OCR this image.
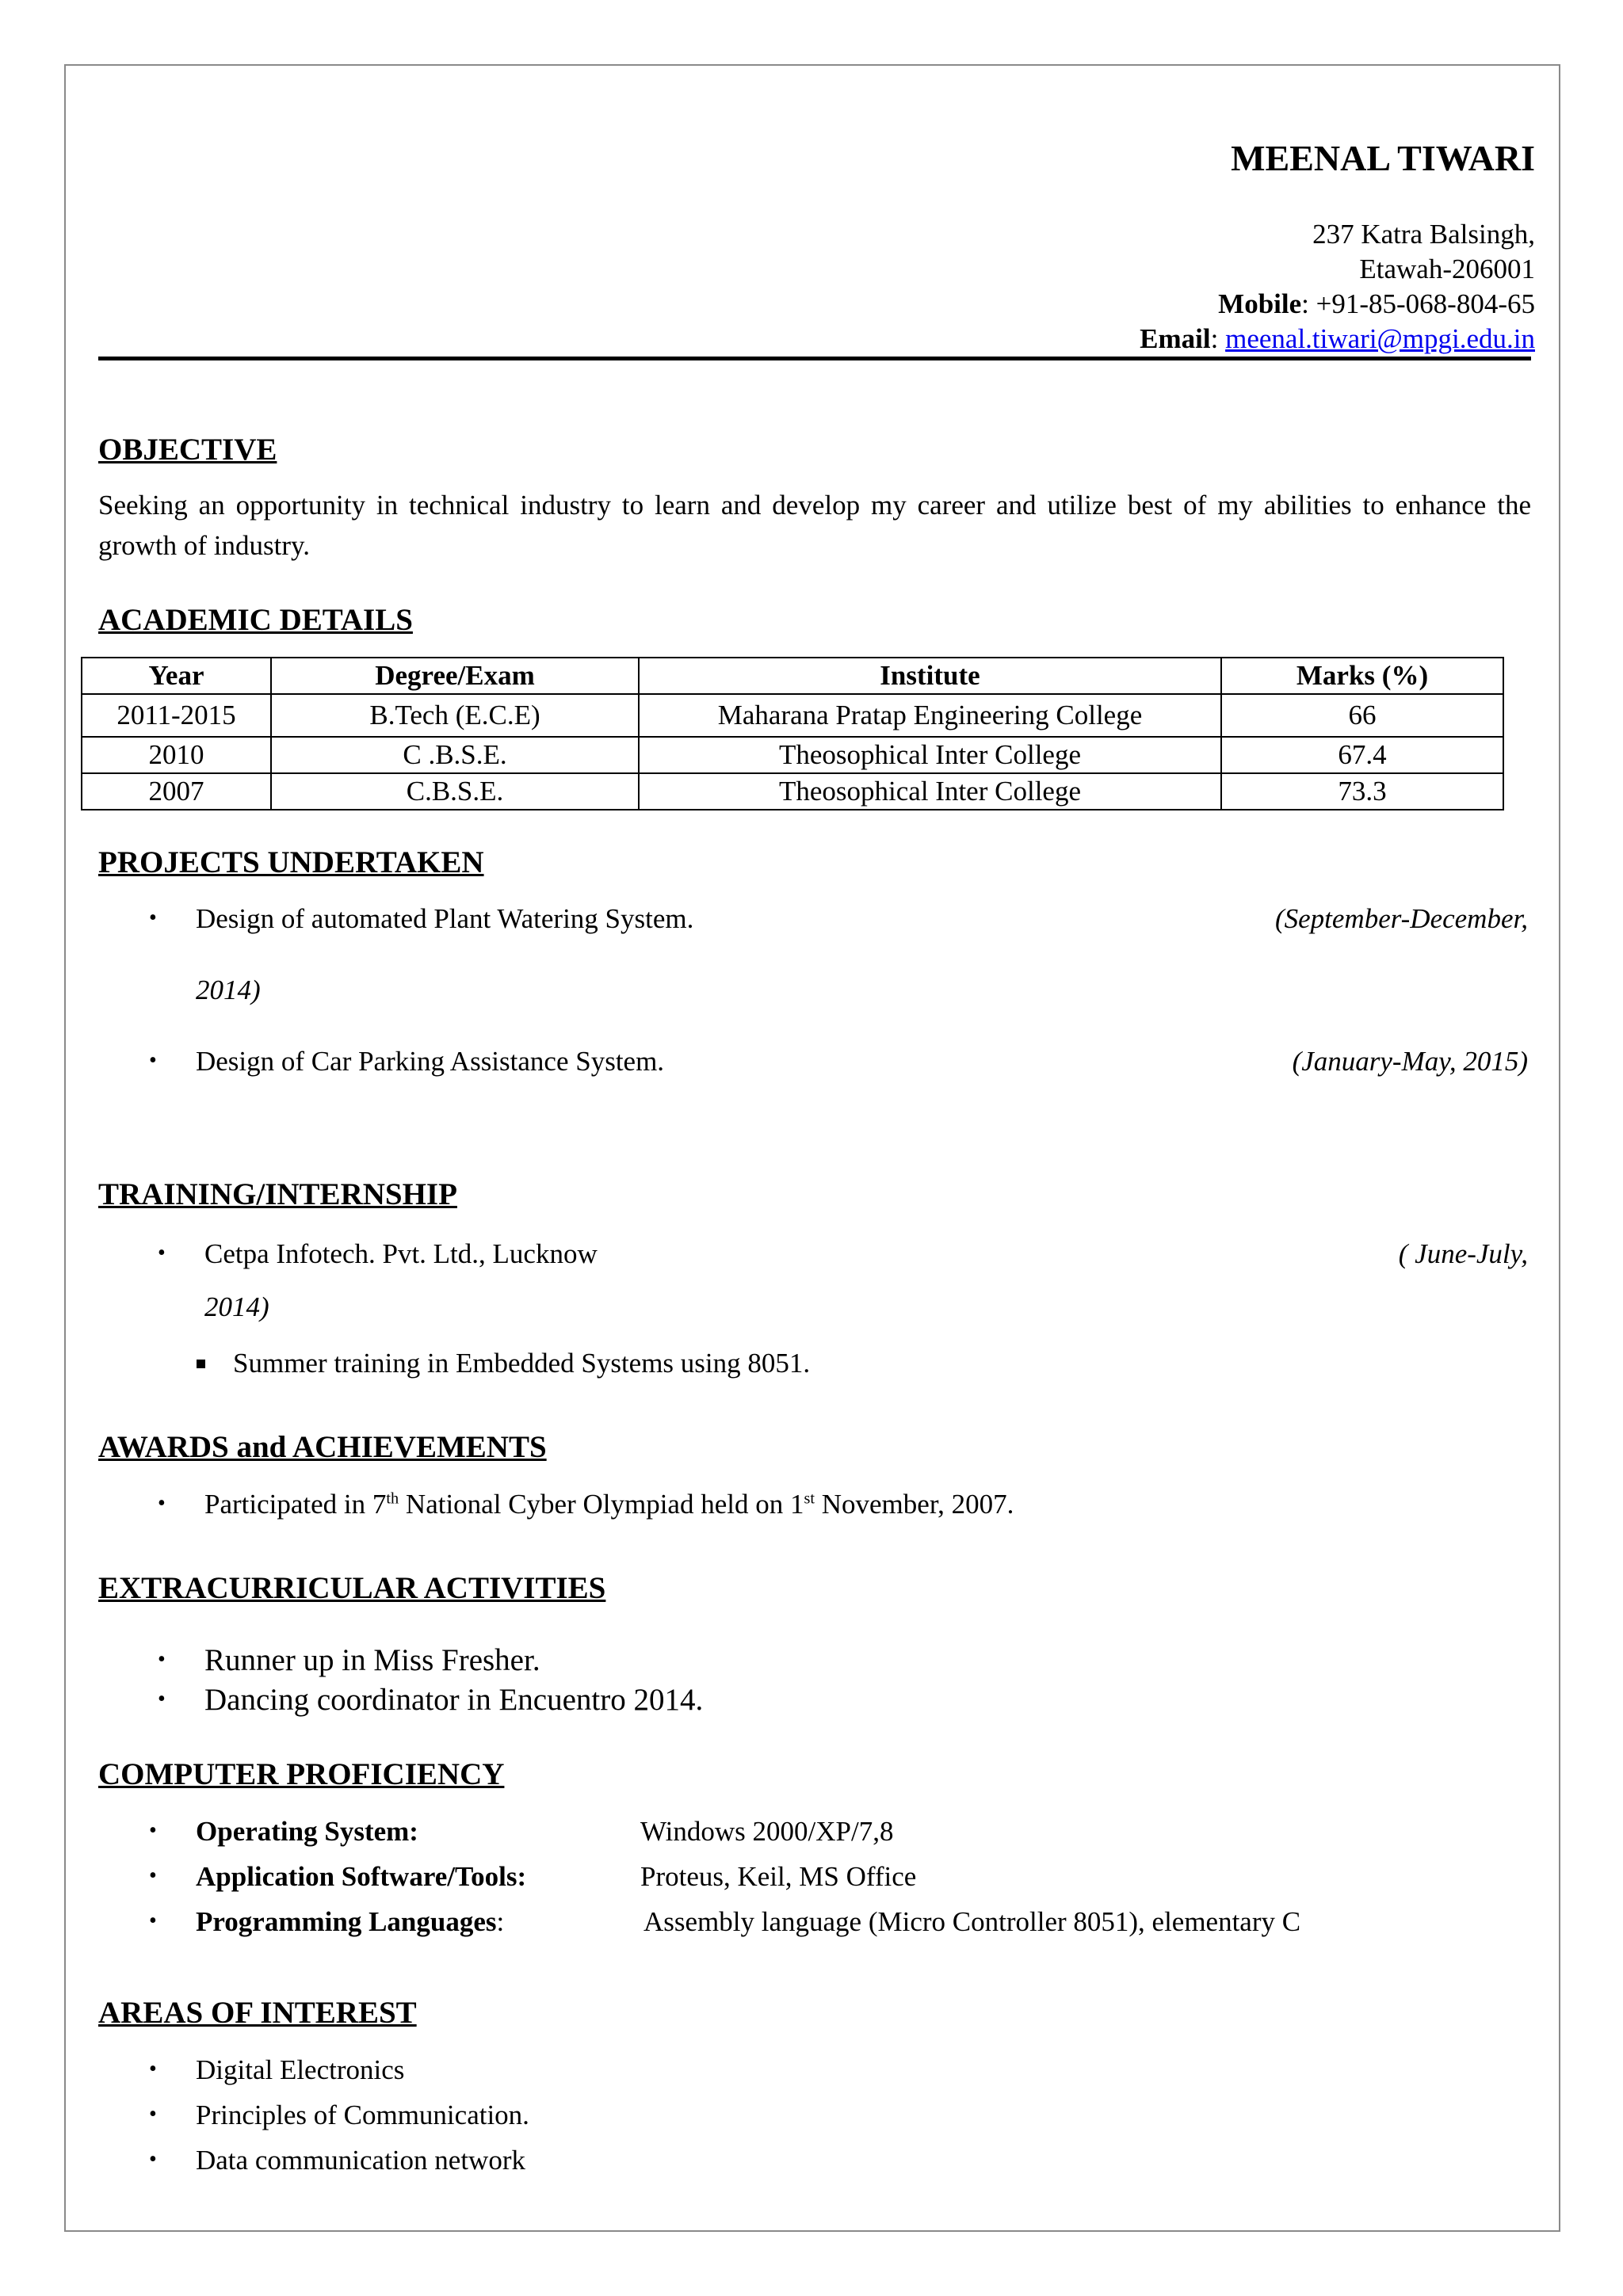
MEENAL TIWARI
237 Katra Balsingh,
Etawah-206001
Mobile: +91-85-068-804-65
Email: meenal.tiwari@mpgi.edu.in
OBJECTIVE
Seeking an opportunity in technical industry to learn and develop my career and utilize best of my abilities to enhance the growth of industry.
ACADEMIC DETAILS
Year	Degree/Exam	Institute	Marks (%)
2011-2015	B.Tech (E.C.E)	Maharana Pratap Engineering College	66
2010	C .B.S.E.	Theosophical Inter College	67.4
2007	C.B.S.E.	Theosophical Inter College	73.3
PROJECTS UNDERTAKEN
• Design of automated Plant Watering System.	(September-December,
2014)
• Design of Car Parking Assistance System.	(January-May, 2015)
TRAINING/INTERNSHIP
• Cetpa Infotech. Pvt. Ltd., Lucknow	( June-July,
2014)
Summer training in Embedded Systems using 8051.
AWARDS and ACHIEVEMENTS
• Participated in 7th National Cyber Olympiad held on 1st November, 2007.
EXTRACURRICULAR ACTIVITIES
• Runner up in Miss Fresher.
• Dancing coordinator in Encuentro 2014.
COMPUTER PROFICIENCY
• Operating System:	Windows 2000/XP/7,8
• Application Software/Tools:	Proteus, Keil, MS Office
• Programming Languages:	Assembly language (Micro Controller 8051), elementary C
AREAS OF INTEREST
• Digital Electronics
• Principles of Communication.
• Data communication network
